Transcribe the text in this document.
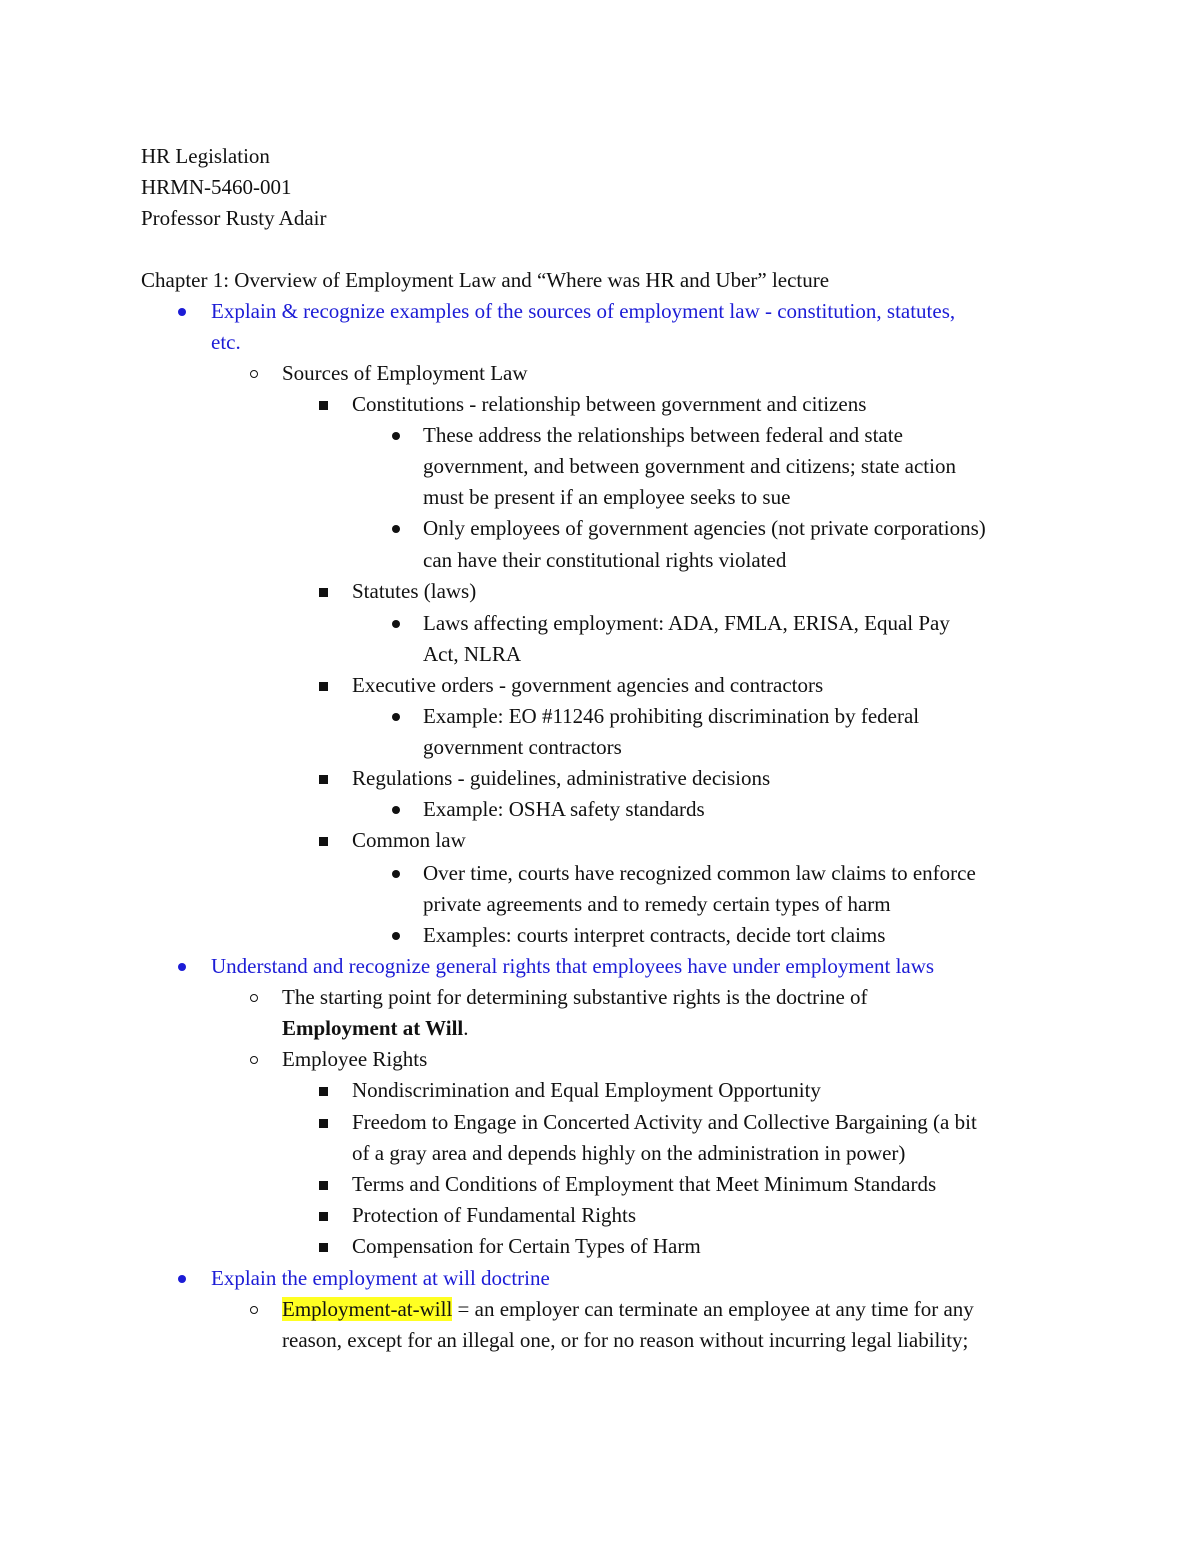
HR Legislation
HRMN-5460-001
Professor Rusty Adair
Chapter 1: Overview of Employment Law and “Where was HR and Uber” lecture
Explain & recognize examples of the sources of employment law - constitution, statutes,
etc.
Sources of Employment Law
Constitutions - relationship between government and citizens
These address the relationships between federal and state
government, and between government and citizens; state action
must be present if an employee seeks to sue
Only employees of government agencies (not private corporations)
can have their constitutional rights violated
Statutes (laws)
Laws affecting employment: ADA, FMLA, ERISA, Equal Pay
Act, NLRA
Executive orders - government agencies and contractors
Example: EO #11246 prohibiting discrimination by federal
government contractors
Regulations - guidelines, administrative decisions
Example: OSHA safety standards
Common law
Over time, courts have recognized common law claims to enforce
private agreements and to remedy certain types of harm
Examples: courts interpret contracts, decide tort claims
Understand and recognize general rights that employees have under employment laws
The starting point for determining substantive rights is the doctrine of
Employment at Will.
Employee Rights
Nondiscrimination and Equal Employment Opportunity
Freedom to Engage in Concerted Activity and Collective Bargaining (a bit
of a gray area and depends highly on the administration in power)
Terms and Conditions of Employment that Meet Minimum Standards
Protection of Fundamental Rights
Compensation for Certain Types of Harm
Explain the employment at will doctrine
Employment-at-will = an employer can terminate an employee at any time for any
reason, except for an illegal one, or for no reason without incurring legal liability;
